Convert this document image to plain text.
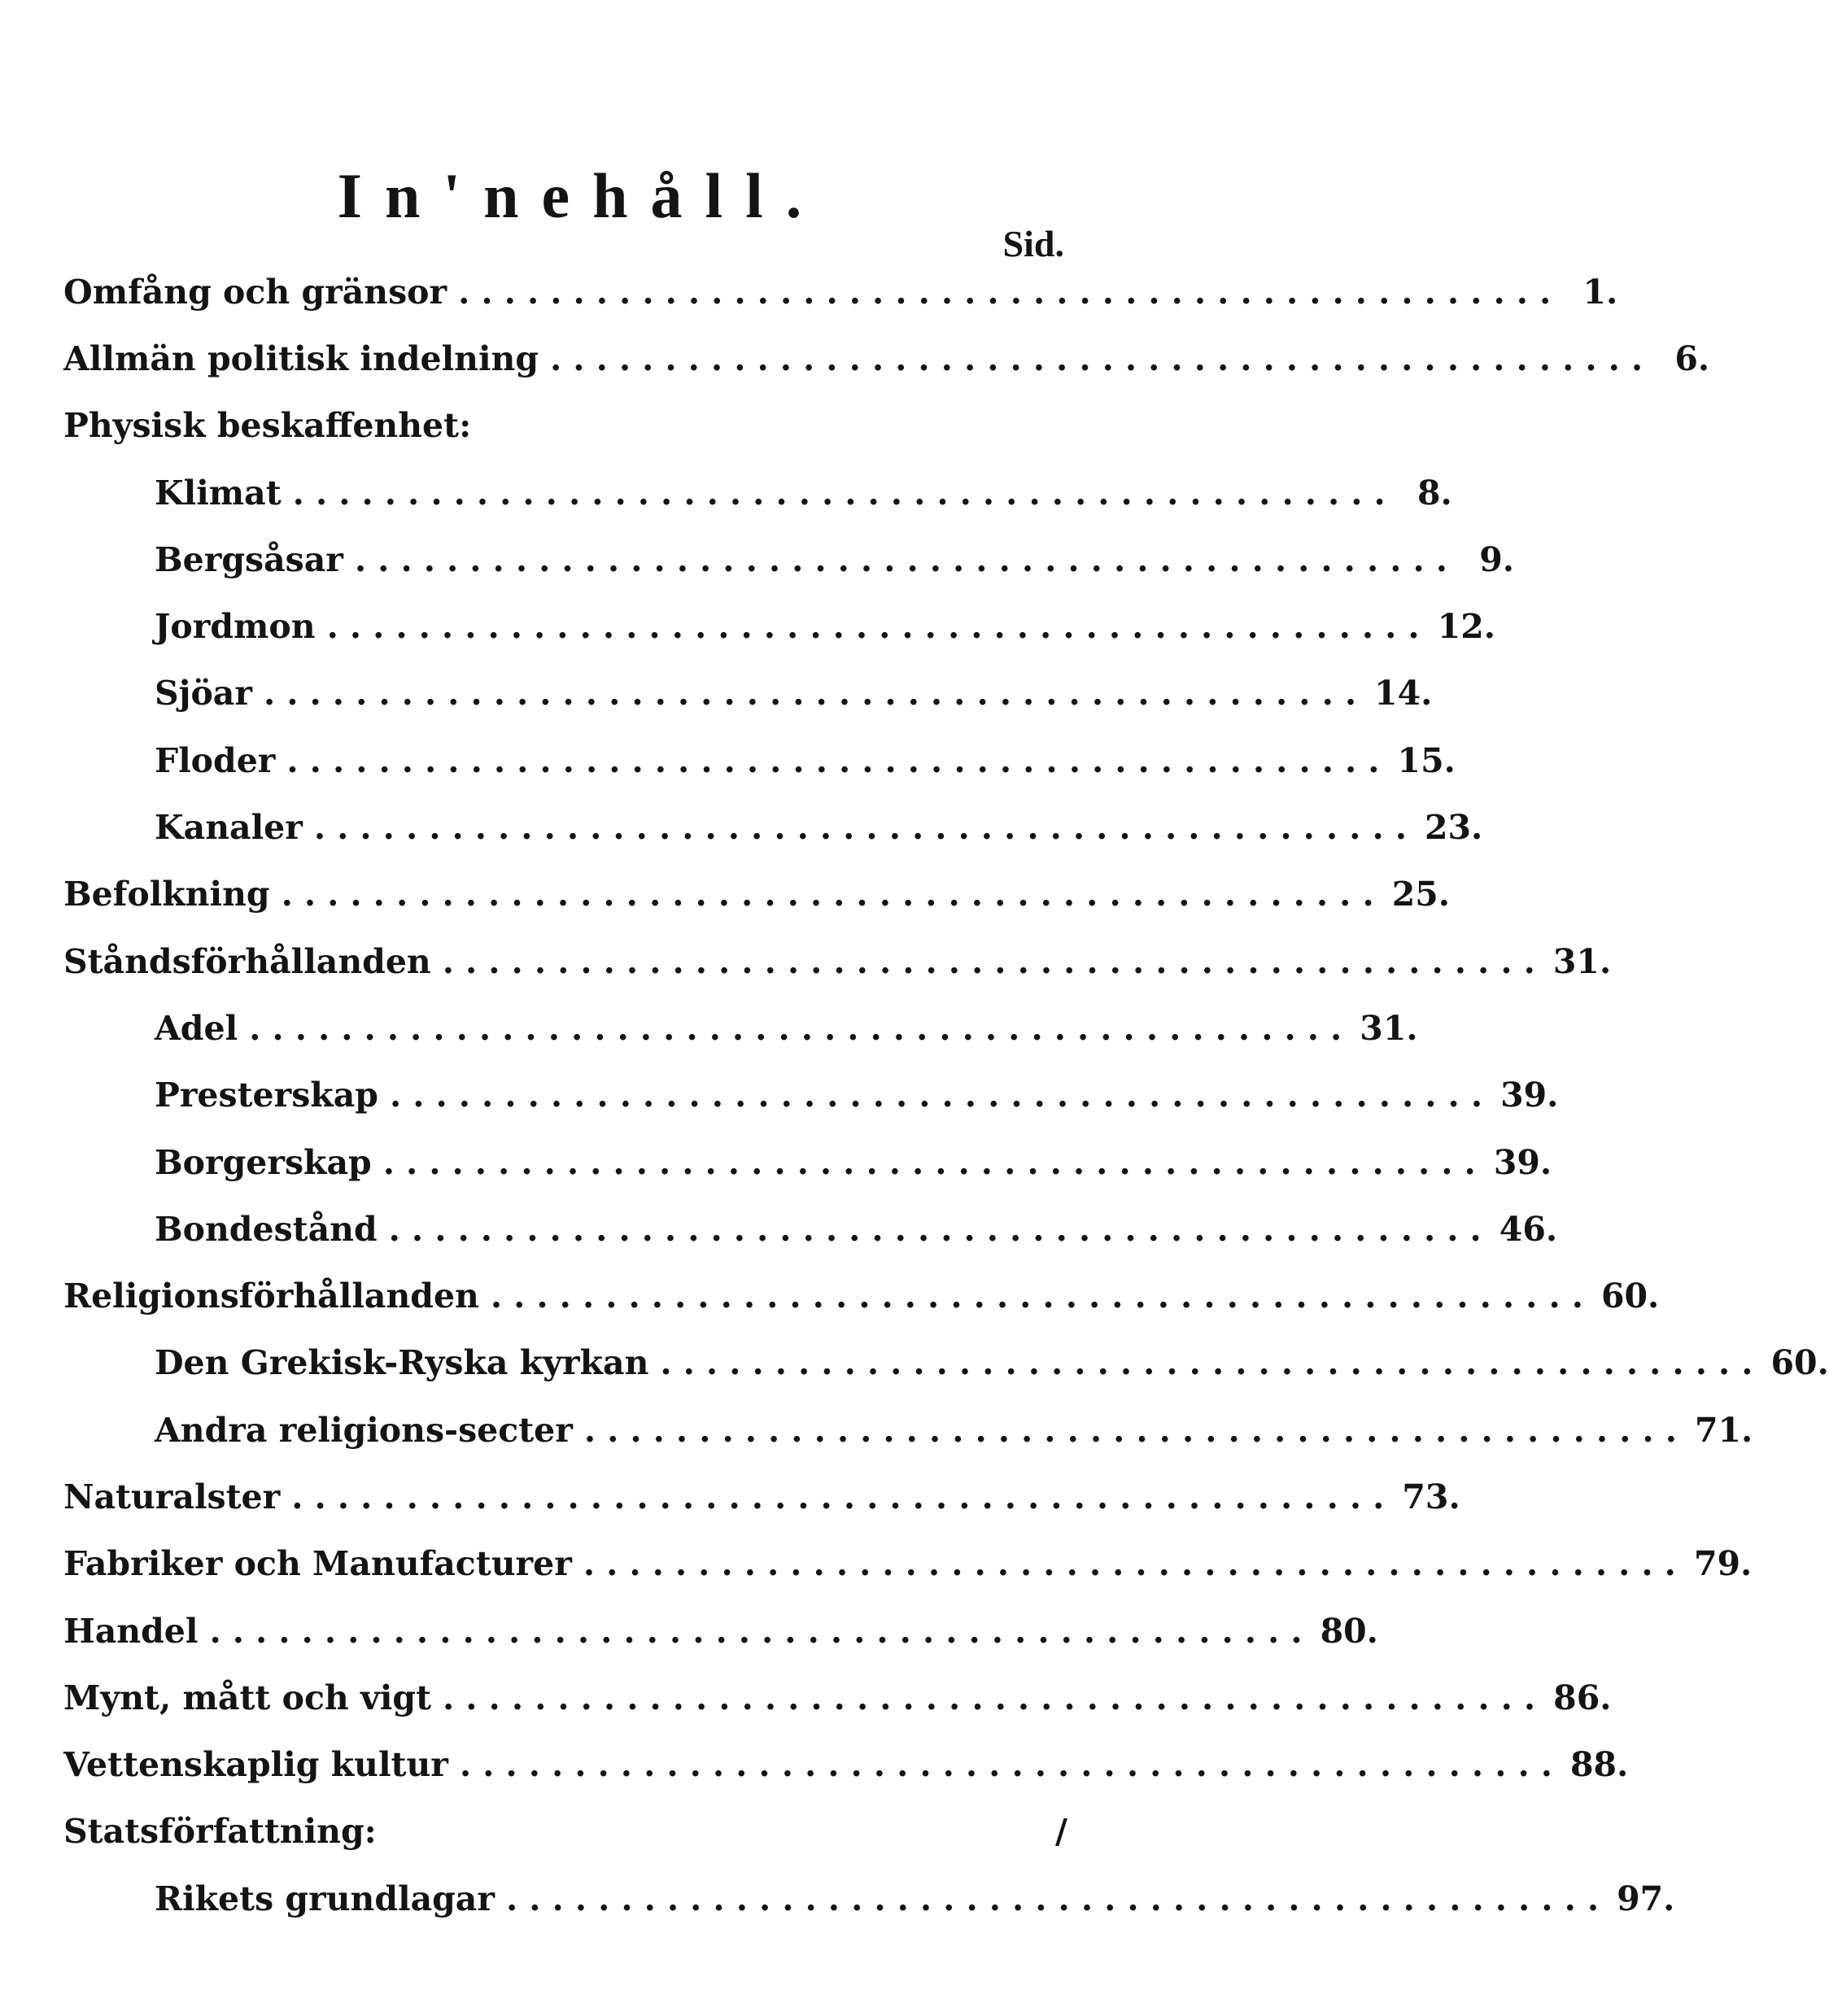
In'nehåll.
Sid.
Omfång och gränsor ................................................ 1.
Allmän politisk indelning ................................................ 6.
Physisk beskaffenhet:
Klimat ................................................ 8.
Bergsåsar ................................................ 9.
Jordmon ................................................ 12.
Sjöar ................................................ 14.
Floder ................................................ 15.
Kanaler ................................................ 23.
Befolkning ................................................ 25.
Ståndsförhållanden ................................................ 31.
Adel ................................................ 31.
Presterskap ................................................ 39.
Borgerskap ................................................ 39.
Bondestånd ................................................ 46.
Religionsförhållanden ................................................ 60.
Den Grekisk-Ryska kyrkan ................................................ 60.
Andra religions-secter ................................................ 71.
Naturalster ................................................ 73.
Fabriker och Manufacturer ................................................ 79.
Handel ................................................ 80.
Mynt, mått och vigt ................................................ 86.
Vettenskaplig kultur ................................................ 88.
Statsförfattning:	/
Rikets grundlagar ................................................ 97.
